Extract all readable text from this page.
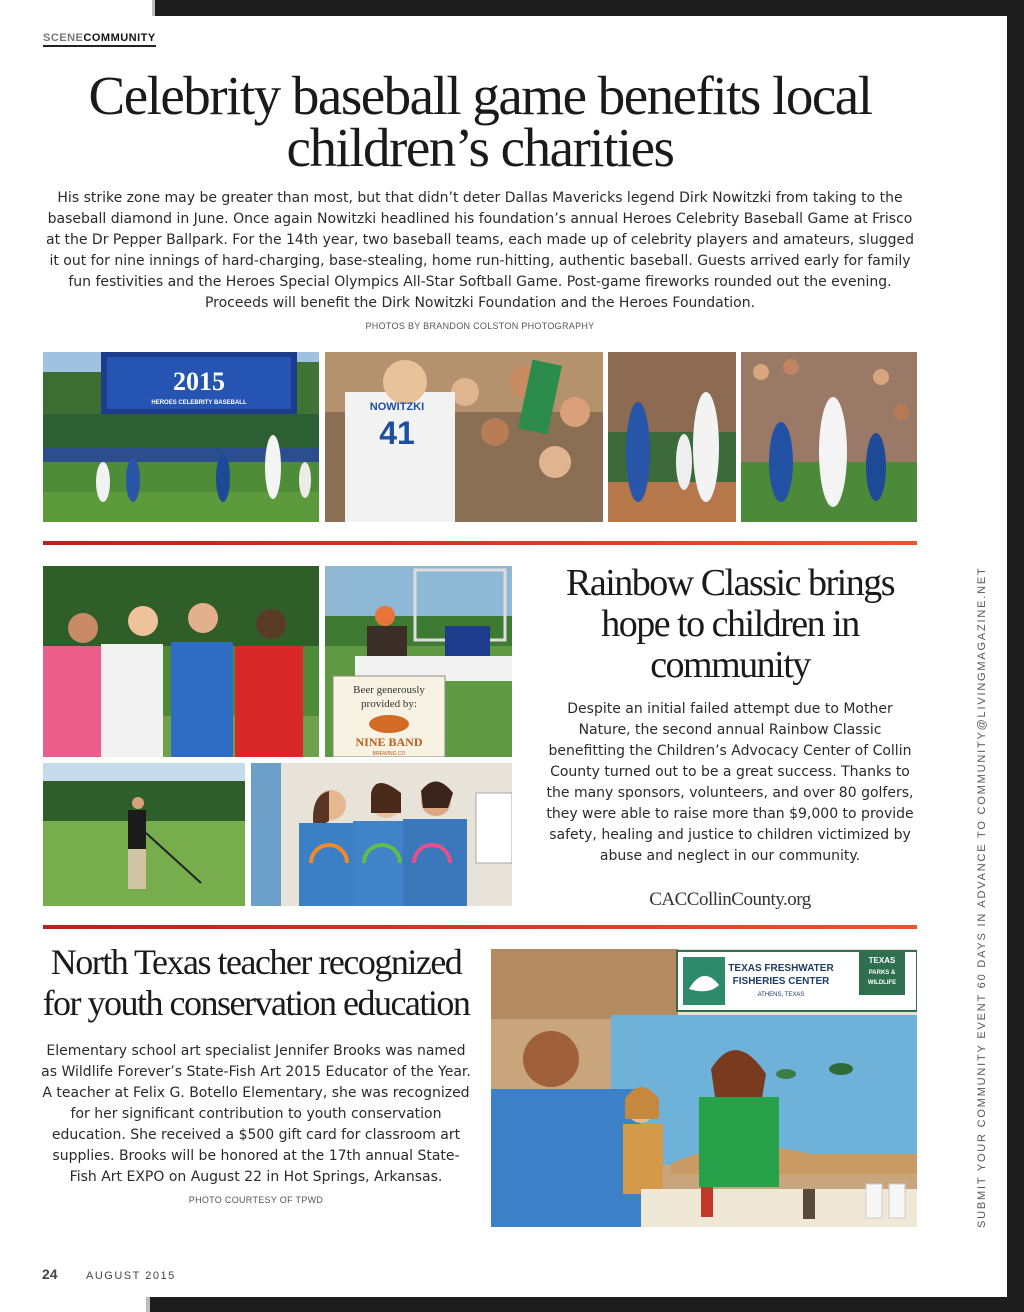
SCENECOMMUNITY
Celebrity baseball game benefits local
children’s charities

His strike zone may be greater than most, but that didn’t deter Dallas Mavericks legend Dirk Nowitzki from taking to the baseball diamond in June. Once again Nowitzki headlined his foundation’s annual Heroes Celebrity Baseball Game at Frisco at the Dr Pepper Ballpark. For the 14th year, two baseball teams, each made up of celebrity players and amateurs, slugged it out for nine innings of hard-charging, base-stealing, home run-hitting, authentic baseball. Guests arrived early for family fun festivities and the Heroes Special Olympics All-Star Softball Game. Post-game fireworks rounded out the evening. Proceeds will benefit the Dirk Nowitzki Foundation and the Heroes Foundation.

PHOTOS BY BRANDON COLSTON PHOTOGRAPHY
2015
HEROES CELEBRITY BASEBALL	NOWITZKI
41
Beer generously
provided by:
NINE BAND
BREWING CO
Rainbow Classic brings
hope to children in
community

Despite an initial failed attempt due to Mother Nature, the second annual Rainbow Classic benefitting the Children’s Advocacy Center of Collin County turned out to be a great success. Thanks to the many sponsors, volunteers, and over 80 golfers, they were able to raise more than $9,000 to provide safety, healing and justice to children victimized by abuse and neglect in our community.

CACCollinCounty.org
North Texas teacher recognized
for youth conservation education

Elementary school art specialist Jennifer Brooks was named as Wildlife Forever’s State-Fish Art 2015 Educator of the Year. A teacher at Felix G. Botello Elementary, she was recognized for her significant contribution to youth conservation education. She received a $500 gift card for classroom art supplies. Brooks will be honored at the 17th annual State-Fish Art EXPO on August 22 in Hot Springs, Arkansas.

PHOTO COURTESY OF TPWD
TEXAS FRESHWATER
FISHERIES CENTER
ATHENS, TEXAS
TEXAS
PARKS &
WILDLIFE	SUBMIT YOUR COMMUNITY EVENT 60 DAYS IN ADVANCE TO COMMUNITY@LIVINGMAGAZINE.NET
24	AUGUST 2015
